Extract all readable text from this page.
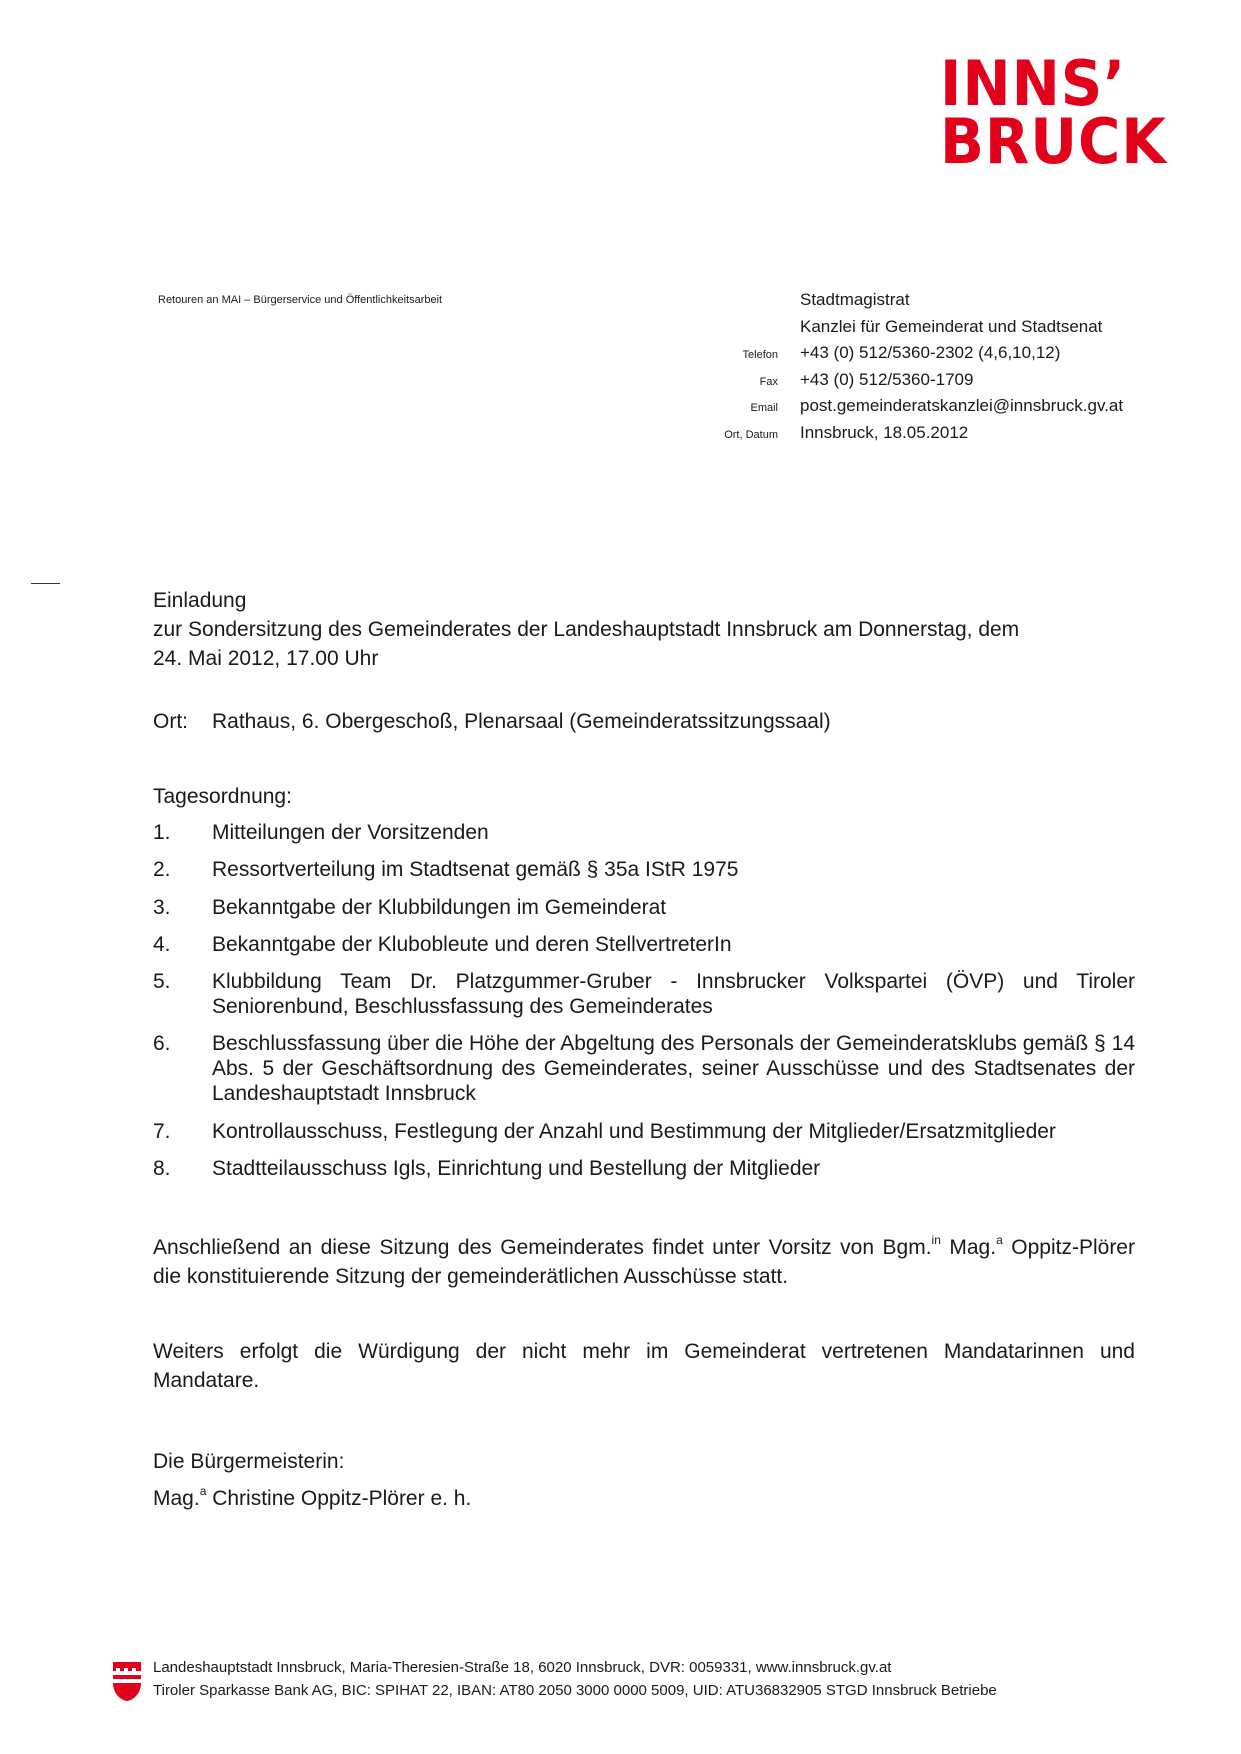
INNS’
BRUCK
Retouren an MAI – Bürgerservice und Öffentlichkeitsarbeit	Stadtmagistrat
Kanzlei für Gemeinderat und Stadtsenat
Telefon	+43 (0) 512/5360-2302 (4,6,10,12)
Fax	+43 (0) 512/5360-1709
Email	post.gemeinderatskanzlei@innsbruck.gv.at
Ort, Datum	Innsbruck, 18.05.2012
Einladung
zur Sondersitzung des Gemeinderates der Landeshauptstadt Innsbruck am Donnerstag, dem
24. Mai 2012, 17.00 Uhr
Ort: Rathaus, 6. Obergeschoß, Plenarsaal (Gemeinderatssitzungssaal)
Tagesordnung:
1.	Mitteilungen der Vorsitzenden
2.	Ressortverteilung im Stadtsenat gemäß § 35a IStR 1975
3.	Bekanntgabe der Klubbildungen im Gemeinderat
4.	Bekanntgabe der Klubobleute und deren StellvertreterIn
5.	Klubbildung Team Dr. Platzgummer-Gruber - Innsbrucker Volkspartei (ÖVP) und Tiroler Seniorenbund, Beschlussfassung des Gemeinderates
6.	Beschlussfassung über die Höhe der Abgeltung des Personals der Gemeinderatsklubs gemäß § 14 Abs. 5 der Geschäftsordnung des Gemeinderates, seiner Ausschüsse und des Stadtsenates der Landeshauptstadt Innsbruck
7.	Kontrollausschuss, Festlegung der Anzahl und Bestimmung der Mitglieder/Ersatzmitglieder
8.	Stadtteilausschuss Igls, Einrichtung und Bestellung der Mitglieder
Anschließend an diese Sitzung des Gemeinderates findet unter Vorsitz von Bgm.$^{in}$ Mag.$^a$ Oppitz-Plörer die konstituierende Sitzung der gemeinderätlichen Ausschüsse statt.
Weiters erfolgt die Würdigung der nicht mehr im Gemeinderat vertretenen Mandatarinnen und Mandatare.
Die Bürgermeisterin:
Mag.$^a$ Christine Oppitz-Plörer e. h.
Landeshauptstadt Innsbruck, Maria-Theresien-Straße 18, 6020 Innsbruck, DVR: 0059331, www.innsbruck.gv.at
Tiroler Sparkasse Bank AG, BIC: SPIHAT 22, IBAN: AT80 2050 3000 0000 5009, UID: ATU36832905 STGD Innsbruck Betriebe
